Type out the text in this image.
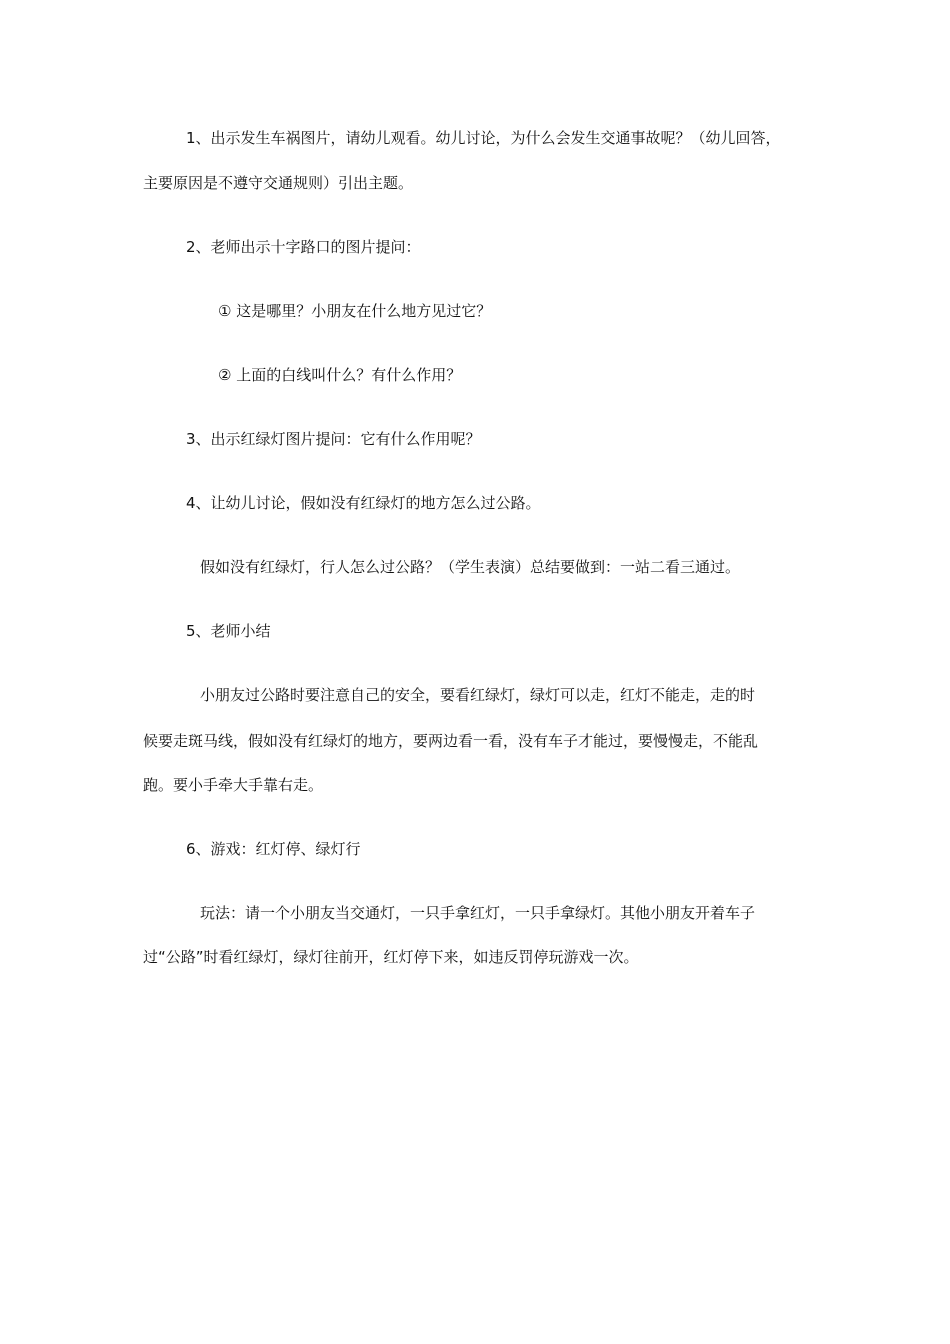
1、出示发生车祸图片，请幼儿观看。幼儿讨论，为什么会发生交通事故呢？（幼儿回答，
主要原因是不遵守交通规则）引出主题。
2、老师出示十字路口的图片提问：
① 这是哪里？小朋友在什么地方见过它？
② 上面的白线叫什么？有什么作用？
3、出示红绿灯图片提问：它有什么作用呢？
4、让幼儿讨论，假如没有红绿灯的地方怎么过公路。
假如没有红绿灯，行人怎么过公路？（学生表演）总结要做到：一站二看三通过。
5、老师小结
小朋友过公路时要注意自己的安全，要看红绿灯，绿灯可以走，红灯不能走，走的时
候要走斑马线，假如没有红绿灯的地方，要两边看一看，没有车子才能过，要慢慢走，不能乱
跑。要小手牵大手靠右走。
6、游戏：红灯停、绿灯行
玩法：请一个小朋友当交通灯，一只手拿红灯，一只手拿绿灯。其他小朋友开着车子
过“公路”时看红绿灯，绿灯往前开，红灯停下来，如违反罚停玩游戏一次。
